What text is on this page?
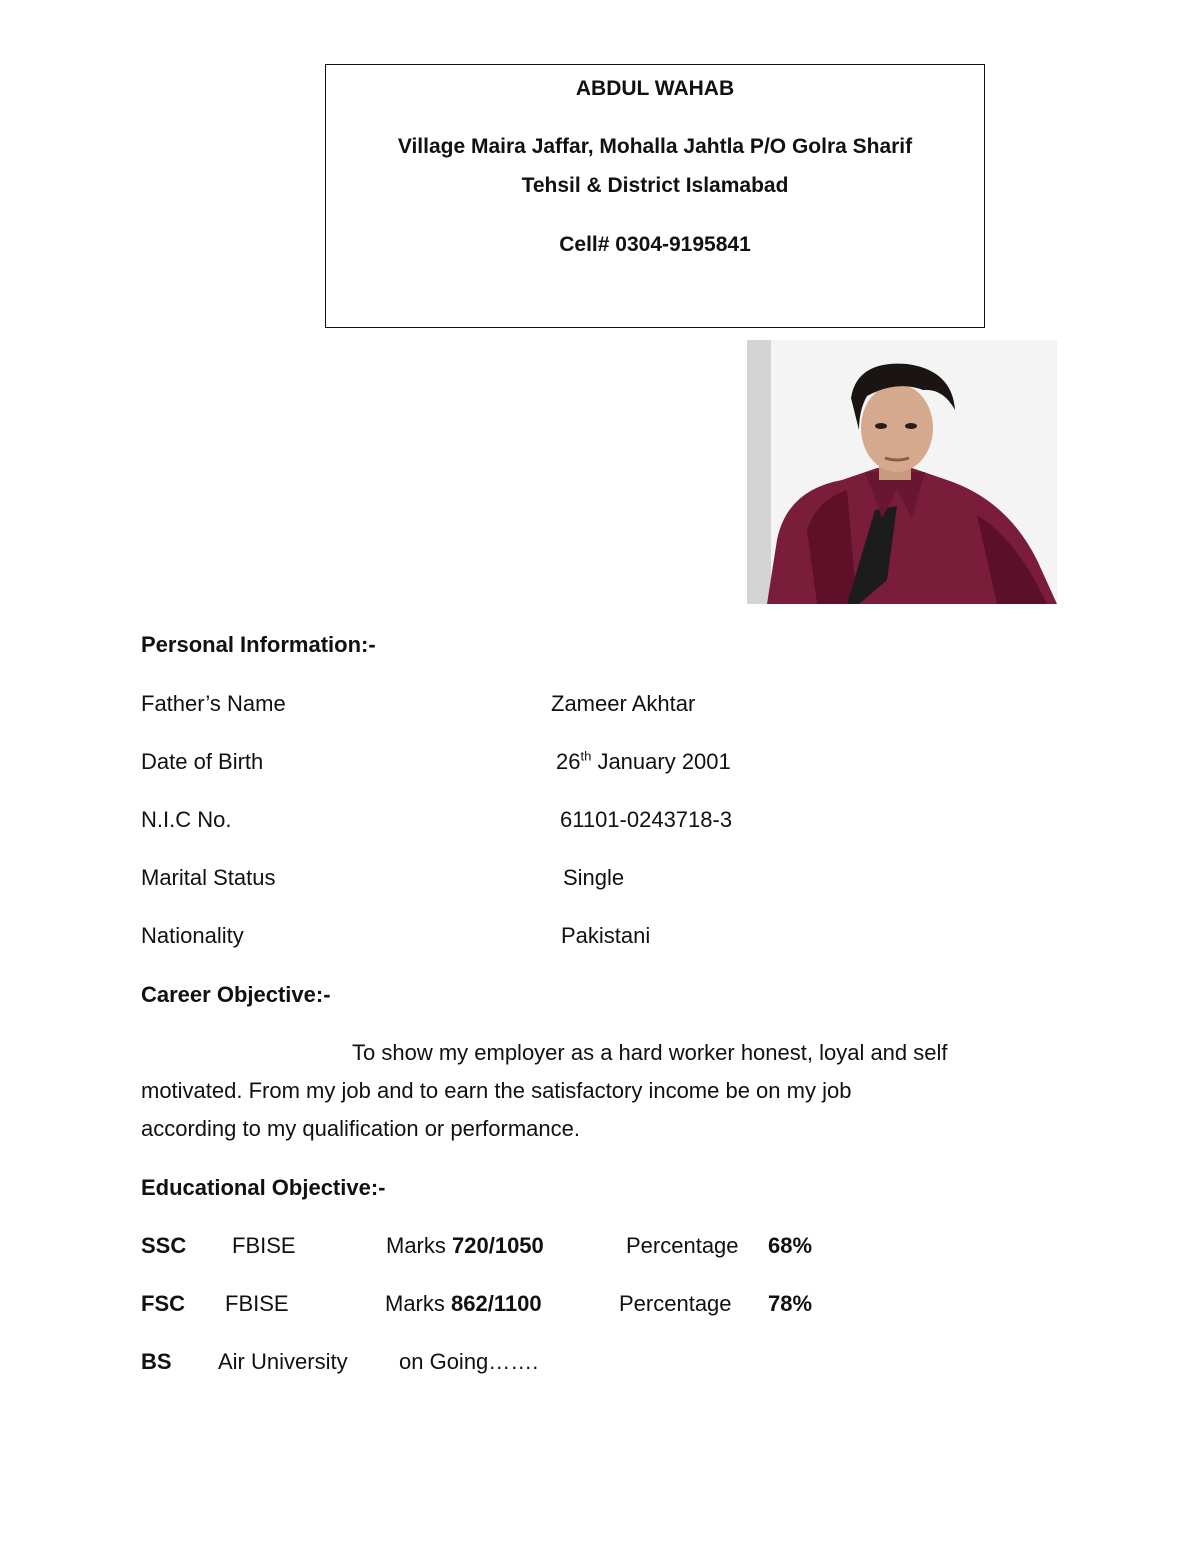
ABDUL WAHAB
Village Maira Jaffar, Mohalla Jahtla P/O Golra Sharif
Tehsil & District Islamabad
Cell# 0304-9195841
Personal Information:-
Father’s Name	Zameer Akhtar
Date of Birth	26th January 2001
N.I.C No.	61101-0243718-3
Marital Status	Single
Nationality	Pakistani
Career Objective:-
To show my employer as a hard worker honest, loyal and self
motivated. From my job and to earn the satisfactory income be on my job
according to my qualification or performance.
Educational Objective:-
SSC FBISE	Marks 720/1050	Percentage 68%
FSC FBISE	Marks 862/1100	Percentage 78%
BS Air University on Going…….
